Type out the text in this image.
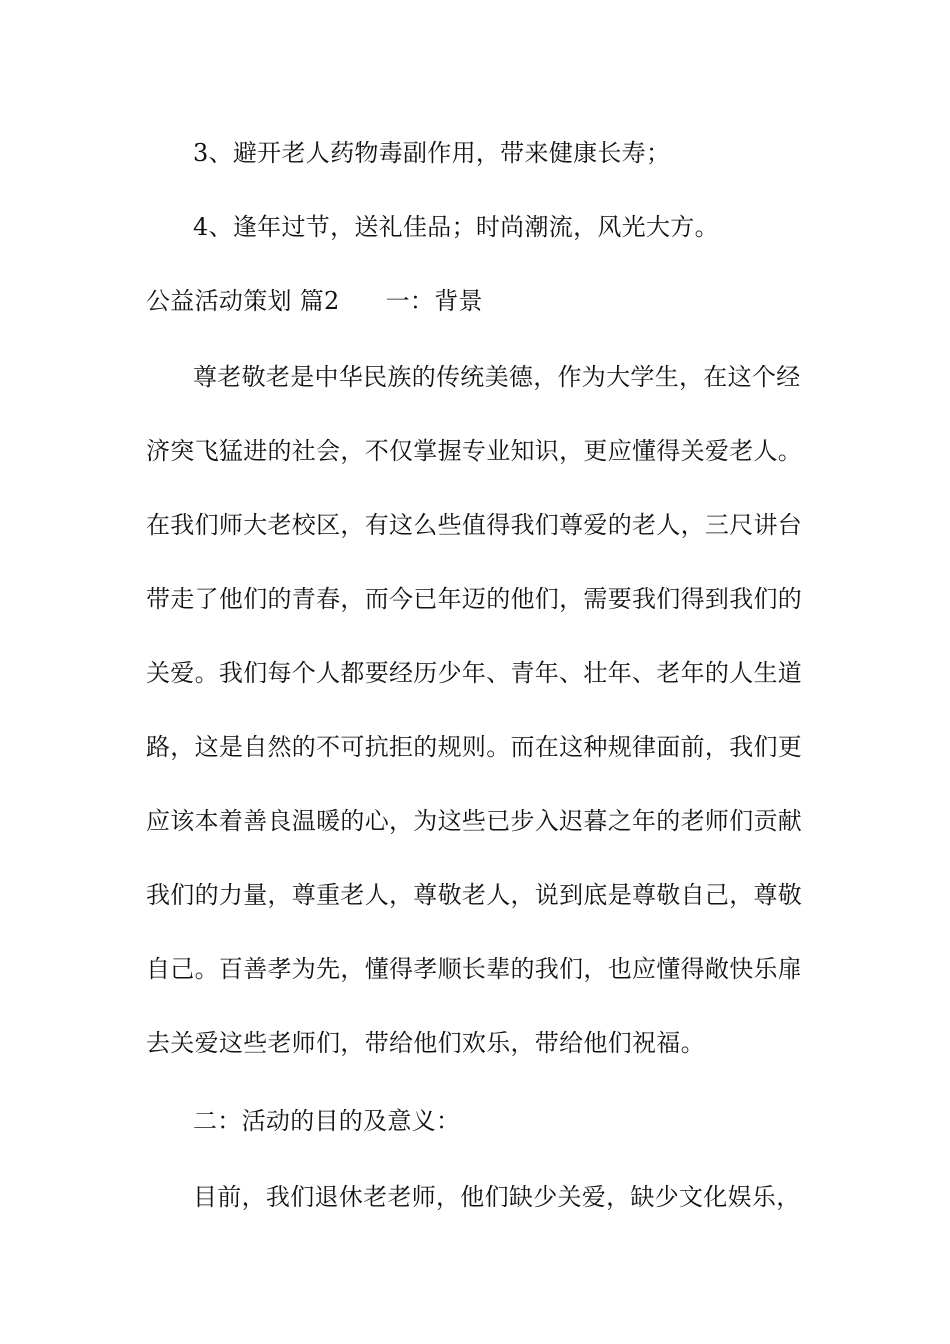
3、避开老人药物毒副作用，带来健康长寿；
4、逢年过节，送礼佳品；时尚潮流，风光大方。
公益活动策划 篇2 一：背景
尊老敬老是中华民族的传统美德，作为大学生，在这个经
济突飞猛进的社会，不仅掌握专业知识，更应懂得关爱老人。
在我们师大老校区，有这么些值得我们尊爱的老人，三尺讲台
带走了他们的青春，而今已年迈的他们，需要我们得到我们的
关爱。我们每个人都要经历少年、青年、壮年、老年的人生道
路，这是自然的不可抗拒的规则。而在这种规律面前，我们更
应该本着善良温暖的心，为这些已步入迟暮之年的老师们贡献
我们的力量，尊重老人，尊敬老人，说到底是尊敬自己，尊敬
自己。百善孝为先，懂得孝顺长辈的我们，也应懂得敞快乐扉
去关爱这些老师们，带给他们欢乐，带给他们祝福。
二：活动的目的及意义：
目前，我们退休老老师，他们缺少关爱，缺少文化娱乐，
